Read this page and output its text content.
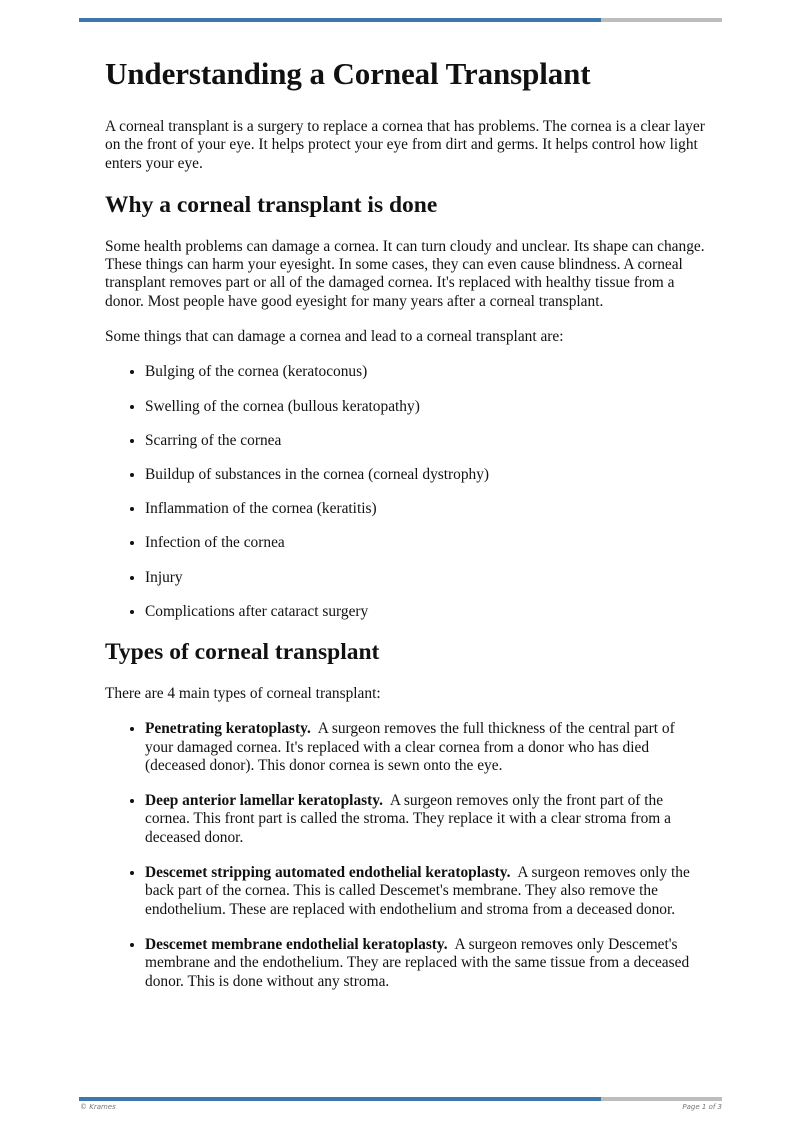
Understanding a Corneal Transplant

A corneal transplant is a surgery to replace a cornea that has problems. The cornea is a clear layer on the front of your eye. It helps protect your eye from dirt and germs. It helps control how light enters your eye.

Why a corneal transplant is done

Some health problems can damage a cornea. It can turn cloudy and unclear. Its shape can change. These things can harm your eyesight. In some cases, they can even cause blindness. A corneal transplant removes part or all of the damaged cornea. It's replaced with healthy tissue from a donor. Most people have good eyesight for many years after a corneal transplant.

Some things that can damage a cornea and lead to a corneal transplant are:

• Bulging of the cornea (keratoconus)
• Swelling of the cornea (bullous keratopathy)
• Scarring of the cornea
• Buildup of substances in the cornea (corneal dystrophy)
• Inflammation of the cornea (keratitis)
• Infection of the cornea
• Injury
• Complications after cataract surgery
Types of corneal transplant

There are 4 main types of corneal transplant:

• Penetrating keratoplasty. A surgeon removes the full thickness of the central part of your damaged cornea. It's replaced with a clear cornea from a donor who has died (deceased donor). This donor cornea is sewn onto the eye.
• Deep anterior lamellar keratoplasty. A surgeon removes only the front part of the cornea. This front part is called the stroma. They replace it with a clear stroma from a deceased donor.
• Descemet stripping automated endothelial keratoplasty. A surgeon removes only the back part of the cornea. This is called Descemet's membrane. They also remove the endothelium. These are replaced with endothelium and stroma from a deceased donor.
• Descemet membrane endothelial keratoplasty. A surgeon removes only Descemet's membrane and the endothelium. They are replaced with the same tissue from a deceased donor. This is done without any stroma.
© Krames	Page 1 of 3
